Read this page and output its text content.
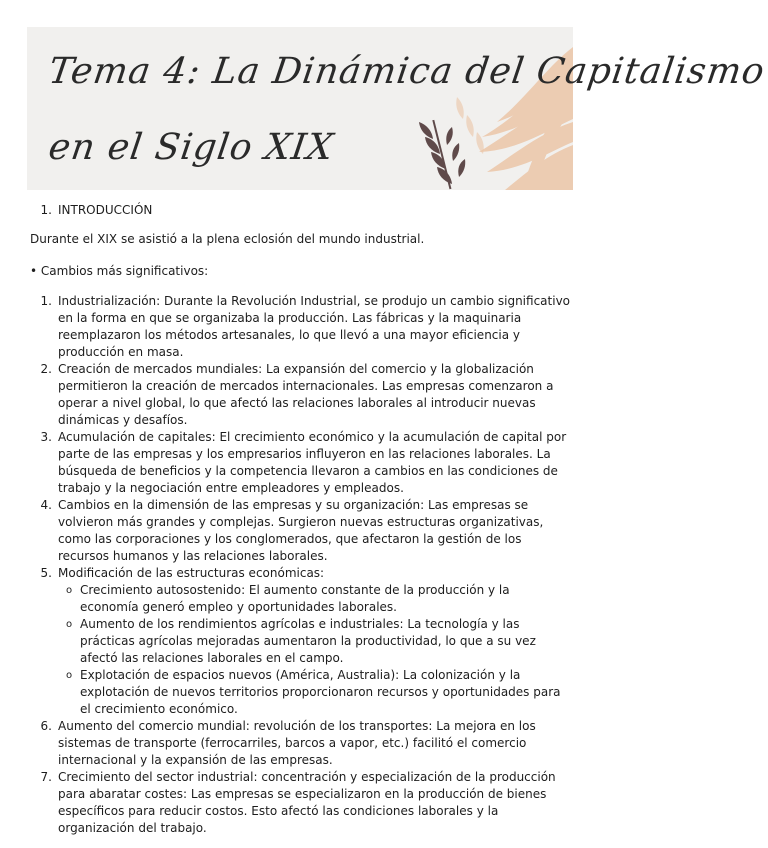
Tema 4: La Dinámica del Capitalismo
en el Siglo XIX
1. INTRODUCCIÓN

Durante el XIX se asistió a la plena eclosión del mundo industrial.

• Cambios más significativos:

1. Industrialización: Durante la Revolución Industrial, se produjo un cambio significativo en la forma en que se organizaba la producción. Las fábricas y la maquinaria reemplazaron los métodos artesanales, lo que llevó a una mayor eficiencia y producción en masa.
2. Creación de mercados mundiales: La expansión del comercio y la globalización permitieron la creación de mercados internacionales. Las empresas comenzaron a operar a nivel global, lo que afectó las relaciones laborales al introducir nuevas dinámicas y desafíos.
3. Acumulación de capitales: El crecimiento económico y la acumulación de capital por parte de las empresas y los empresarios influyeron en las relaciones laborales. La búsqueda de beneficios y la competencia llevaron a cambios en las condiciones de trabajo y la negociación entre empleadores y empleados.
4. Cambios en la dimensión de las empresas y su organización: Las empresas se volvieron más grandes y complejas. Surgieron nuevas estructuras organizativas, como las corporaciones y los conglomerados, que afectaron la gestión de los recursos humanos y las relaciones laborales.
5. Modificación de las estructuras económicas:
o Crecimiento autosostenido: El aumento constante de la producción y la economía generó empleo y oportunidades laborales.
o Aumento de los rendimientos agrícolas e industriales: La tecnología y las prácticas agrícolas mejoradas aumentaron la productividad, lo que a su vez afectó las relaciones laborales en el campo.
o Explotación de espacios nuevos (América, Australia): La colonización y la explotación de nuevos territorios proporcionaron recursos y oportunidades para el crecimiento económico.
6. Aumento del comercio mundial: revolución de los transportes: La mejora en los sistemas de transporte (ferrocarriles, barcos a vapor, etc.) facilitó el comercio internacional y la expansión de las empresas.
7. Crecimiento del sector industrial: concentración y especialización de la producción para abaratar costes: Las empresas se especializaron en la producción de bienes específicos para reducir costos. Esto afectó las condiciones laborales y la organización del trabajo.
